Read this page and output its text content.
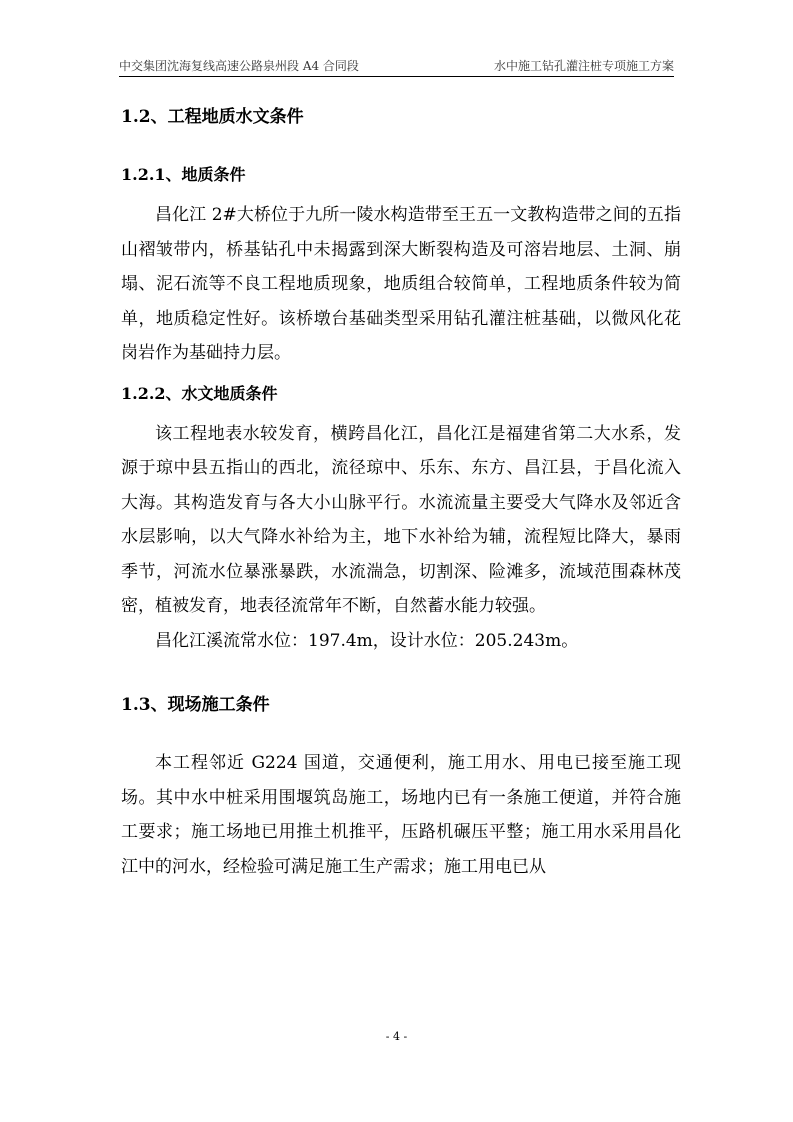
中交集团沈海复线高速公路泉州段 A4 合同段	水中施工钻孔灌注桩专项施工方案
1.2、工程地质水文条件
1.2.1、地质条件

昌化江 2#大桥位于九所一陵水构造带至王五一文教构造带之间的五指山褶皱带内，桥基钻孔中未揭露到深大断裂构造及可溶岩地层、土洞、崩塌、泥石流等不良工程地质现象，地质组合较简单，工程地质条件较为简单，地质稳定性好。该桥墩台基础类型采用钻孔灌注桩基础，以微风化花岗岩作为基础持力层。

1.2.2、水文地质条件

该工程地表水较发育，横跨昌化江，昌化江是福建省第二大水系，发源于琼中县五指山的西北，流径琼中、乐东、东方、昌江县，于昌化流入大海。其构造发育与各大小山脉平行。水流流量主要受大气降水及邻近含水层影响，以大气降水补给为主，地下水补给为辅，流程短比降大，暴雨季节，河流水位暴涨暴跌，水流湍急，切割深、险滩多，流域范围森林茂密，植被发育，地表径流常年不断，自然蓄水能力较强。

昌化江溪流常水位：197.4m，设计水位：205.243m。

1.3、现场施工条件

本工程邻近 G224 国道，交通便利，施工用水、用电已接至施工现场。其中水中桩采用围堰筑岛施工，场地内已有一条施工便道，并符合施工要求；施工场地已用推土机推平，压路机碾压平整；施工用水采用昌化江中的河水，经检验可满足施工生产需求；施工用电已从

- 4 -
